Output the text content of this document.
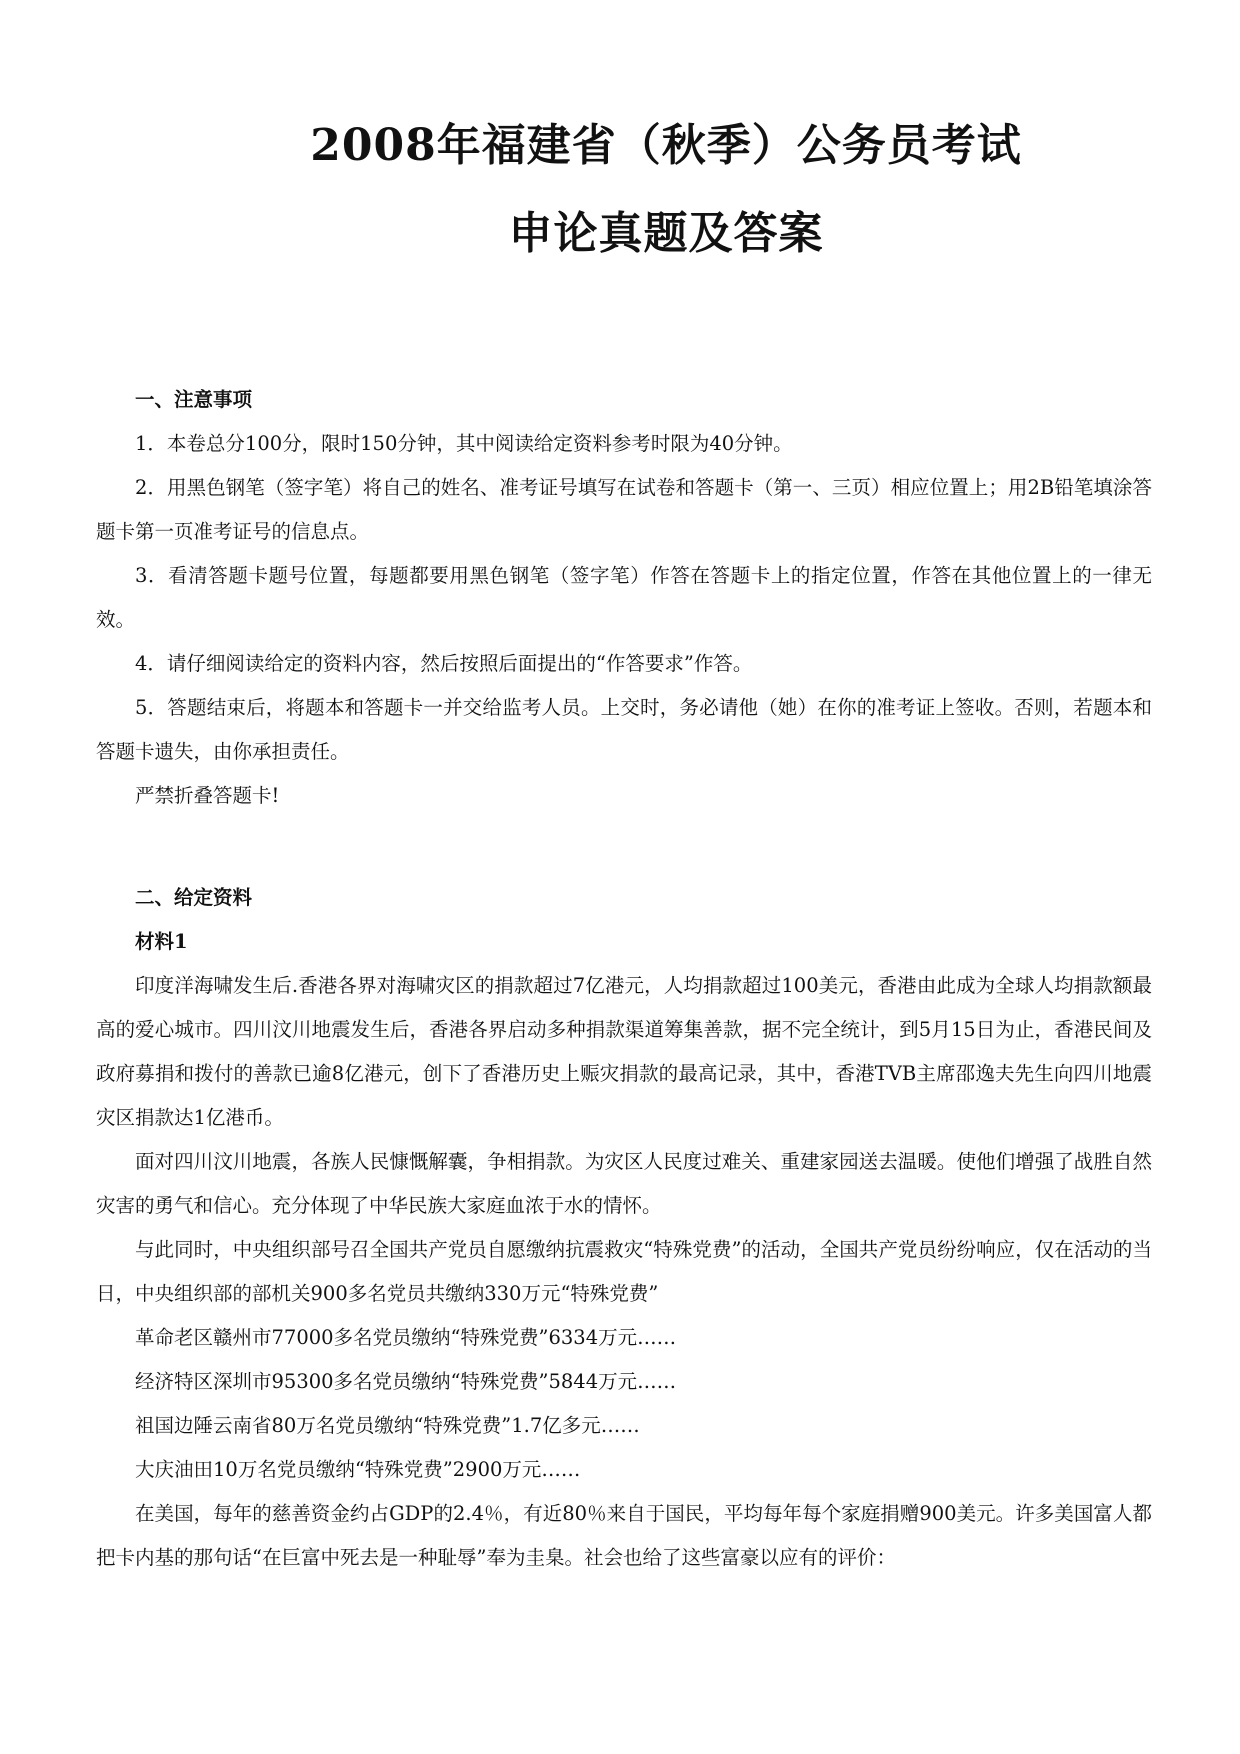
2008年福建省（秋季）公务员考试
申论真题及答案

一、注意事项

1．本卷总分100分，限时150分钟，其中阅读给定资料参考时限为40分钟。

2．用黑色钢笔（签字笔）将自己的姓名、准考证号填写在试卷和答题卡（第一、三页）相应位置上；用2B铅笔填涂答题卡第一页准考证号的信息点。

3．看清答题卡题号位置，每题都要用黑色钢笔（签字笔）作答在答题卡上的指定位置，作答在其他位置上的一律无效。

4．请仔细阅读给定的资料内容，然后按照后面提出的“作答要求”作答。

5．答题结束后，将题本和答题卡一并交给监考人员。上交时，务必请他（她）在你的准考证上签收。否则，若题本和答题卡遗失，由你承担责任。

严禁折叠答题卡!

二、给定资料

材料1

印度洋海啸发生后.香港各界对海啸灾区的捐款超过7亿港元，人均捐款超过100美元，香港由此成为全球人均捐款额最高的爱心城市。四川汶川地震发生后，香港各界启动多种捐款渠道筹集善款，据不完全统计，到5月15日为止，香港民间及政府募捐和拨付的善款已逾8亿港元，创下了香港历史上赈灾捐款的最高记录，其中，香港TVB主席邵逸夫先生向四川地震灾区捐款达1亿港币。

面对四川汶川地震，各族人民慷慨解囊，争相捐款。为灾区人民度过难关、重建家园送去温暖。使他们增强了战胜自然灾害的勇气和信心。充分体现了中华民族大家庭血浓于水的情怀。

与此同时，中央组织部号召全国共产党员自愿缴纳抗震救灾“特殊党费”的活动，全国共产党员纷纷响应，仅在活动的当日，中央组织部的部机关900多名党员共缴纳330万元“特殊党费”

革命老区赣州市77000多名党员缴纳“特殊党费”6334万元……

经济特区深圳市95300多名党员缴纳“特殊党费”5844万元……

祖国边陲云南省80万名党员缴纳“特殊党费”1.7亿多元……

大庆油田10万名党员缴纳“特殊党费”2900万元……

在美国，每年的慈善资金约占GDP的2.4％，有近80％来自于国民，平均每年每个家庭捐赠900美元。许多美国富人都把卡内基的那句话“在巨富中死去是一种耻辱”奉为圭臬。社会也给了这些富豪以应有的评价：
